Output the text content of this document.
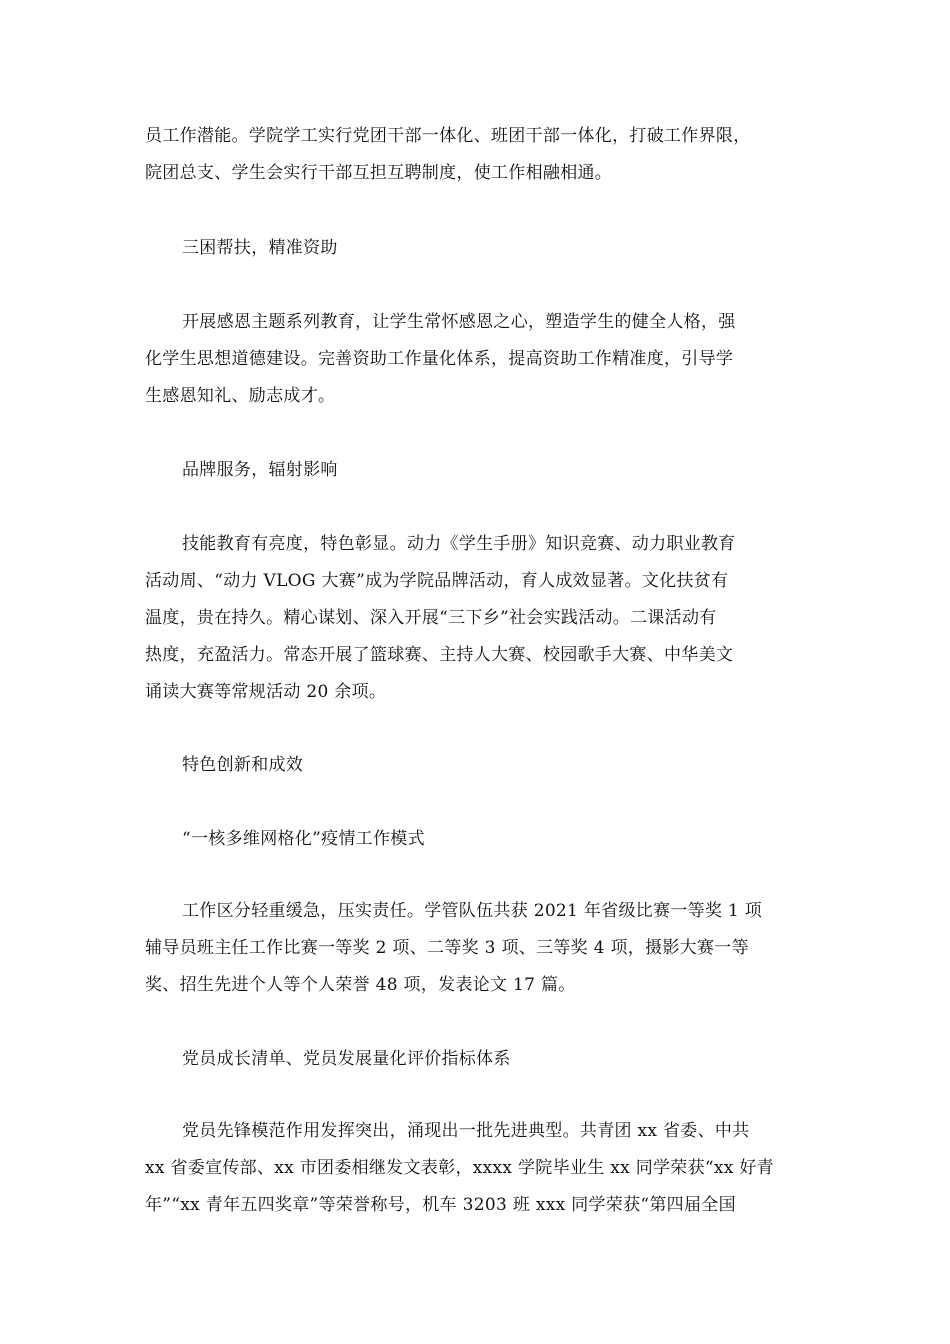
员工作潜能。学院学工实行党团干部一体化、班团干部一体化，打破工作界限，
院团总支、学生会实行干部互担互聘制度，使工作相融相通。
三困帮扶，精准资助
开展感恩主题系列教育，让学生常怀感恩之心，塑造学生的健全人格，强
化学生思想道德建设。完善资助工作量化体系，提高资助工作精准度，引导学
生感恩知礼、励志成才。
品牌服务，辐射影响
技能教育有亮度，特色彰显。动力《学生手册》知识竞赛、动力职业教育
活动周、“动力 VLOG 大赛”成为学院品牌活动，育人成效显著。文化扶贫有
温度，贵在持久。精心谋划、深入开展“三下乡”社会实践活动。二课活动有
热度，充盈活力。常态开展了篮球赛、主持人大赛、校园歌手大赛、中华美文
诵读大赛等常规活动 20 余项。
特色创新和成效
“一核多维网格化”疫情工作模式
工作区分轻重缓急，压实责任。学管队伍共获 2021 年省级比赛一等奖 1 项
辅导员班主任工作比赛一等奖 2 项、二等奖 3 项、三等奖 4 项，摄影大赛一等
奖、招生先进个人等个人荣誉 48 项，发表论文 17 篇。
党员成长清单、党员发展量化评价指标体系
党员先锋模范作用发挥突出，涌现出一批先进典型。共青团 xx 省委、中共
xx 省委宣传部、xx 市团委相继发文表彰，xxxx 学院毕业生 xx 同学荣获“xx 好青
年”“xx 青年五四奖章”等荣誉称号，机车 3203 班 xxx 同学荣获“第四届全国
